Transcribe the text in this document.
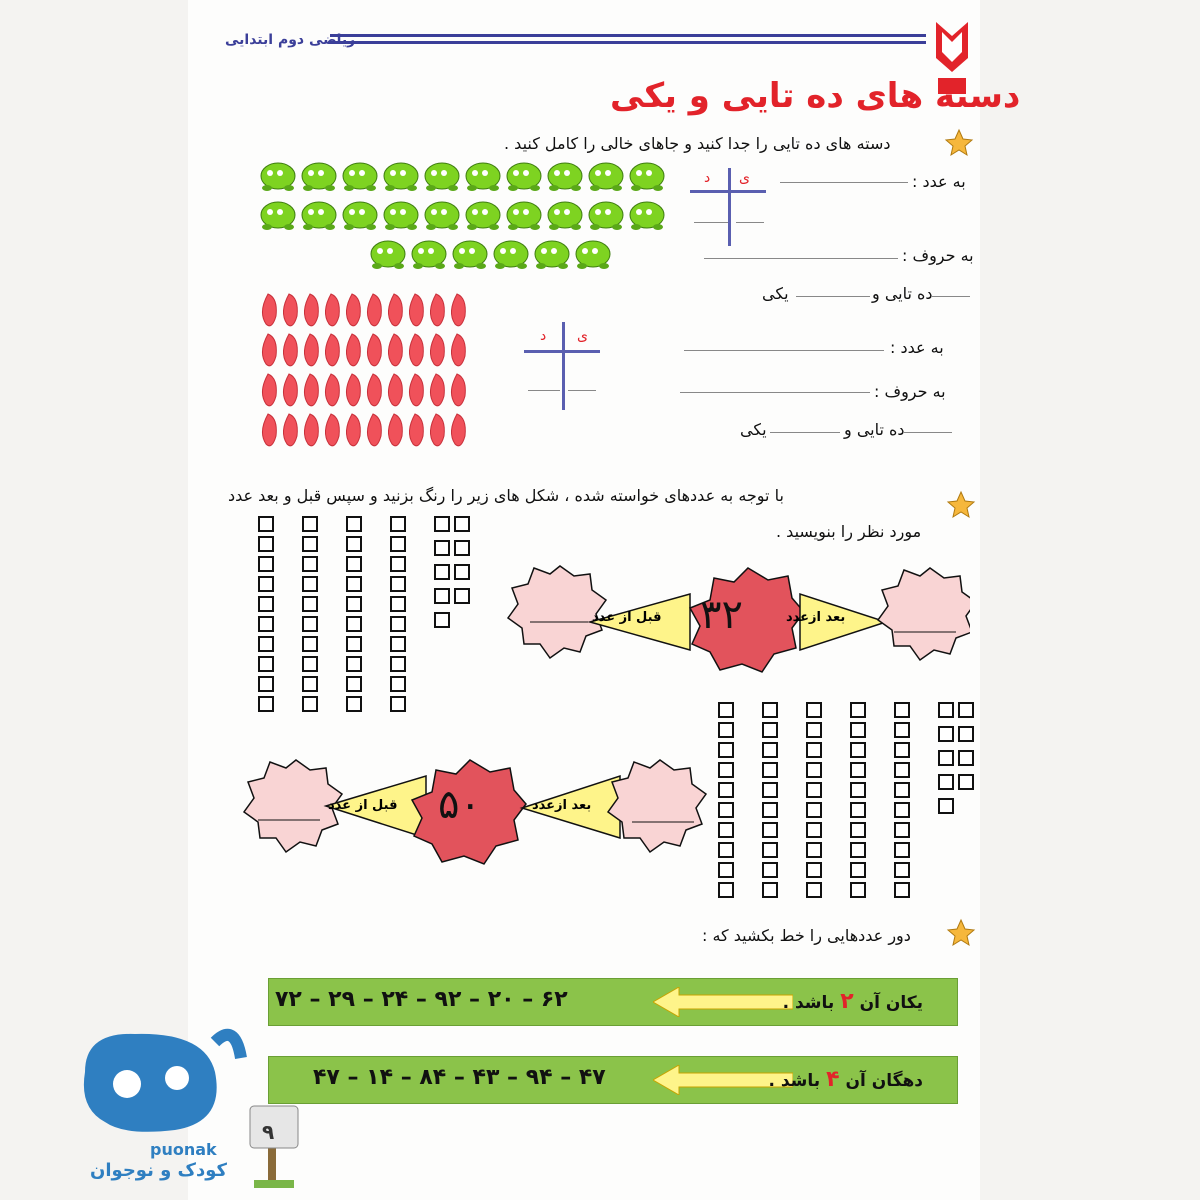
ریاضی دوم ابتدایی
دسته های ده تایی و یکی
دسته های ده تایی را جدا کنید و جاهای خالی را کامل کنید .
ی
د	به عدد :
به حروف :
ده تایی و
یکی
ی
د
به عدد :
به حروف :
ده تایی و
یکی
با توجه به عددهای خواسته شده ، شکل های زیر را رنگ بزنید و سپس قبل و بعد عدد
مورد نظر را بنویسید .
قبل از عدد	بعد ازعدد
۳۲
قبل از عدد	بعد ازعدد
۵۰
دور عددهایی را خط بکشید که :
۷۲ – ۲۹ – ۲۴ – ۹۲ – ۲۰ – ۶۲	یکان آن ۲ باشد .
۴۷ – ۱۴ – ۸۴ – ۴۳ – ۹۴ – ۴۷	دهگان آن ۴ باشد .
۹
puonak
کودک و نوجوان
